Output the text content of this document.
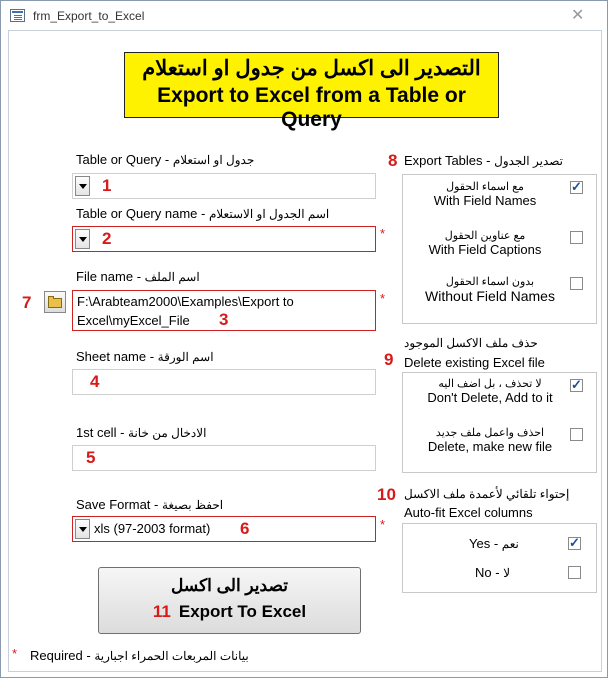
frm_Export_to_Excel	✕
التصدير الى اكسل من جدول او استعلام
Export to Excel from a Table or Query
Table or Query - جدول او استعلام
1
Table or Query name - اسم الجدول او الاستعلام
2	*
File name - اسم الملف
7	F:\Arabteam2000\Examples\Export to
Excel\myExcel_File 3
*
Sheet name - اسم الورقة
4
1st cell - الادخال من خانة
5
Save Format - احفظ بصيغة
xls (97-2003 format) 6	*
8 Export Tables - تصدير الجدول
مع اسماء الحقول
With Field Names
✓
مع عناوين الحقول
With Field Captions
بدون اسماء الحقول
Without Field Names
حذف ملف الاكسل الموجود
9 Delete existing Excel file
لا تحذف ، بل اضف اليه
Don't Delete, Add to it
✓
احذف واعمل ملف جديد
Delete, make new file
10 إحتواء تلقائي لأعمدة ملف الاكسل
Auto-fit Excel columns
Yes - نعم
✓
No - لا
تصدير الى اكسل
11 Export To Excel
* Required - بيانات المربعات الحمراء اجبارية
